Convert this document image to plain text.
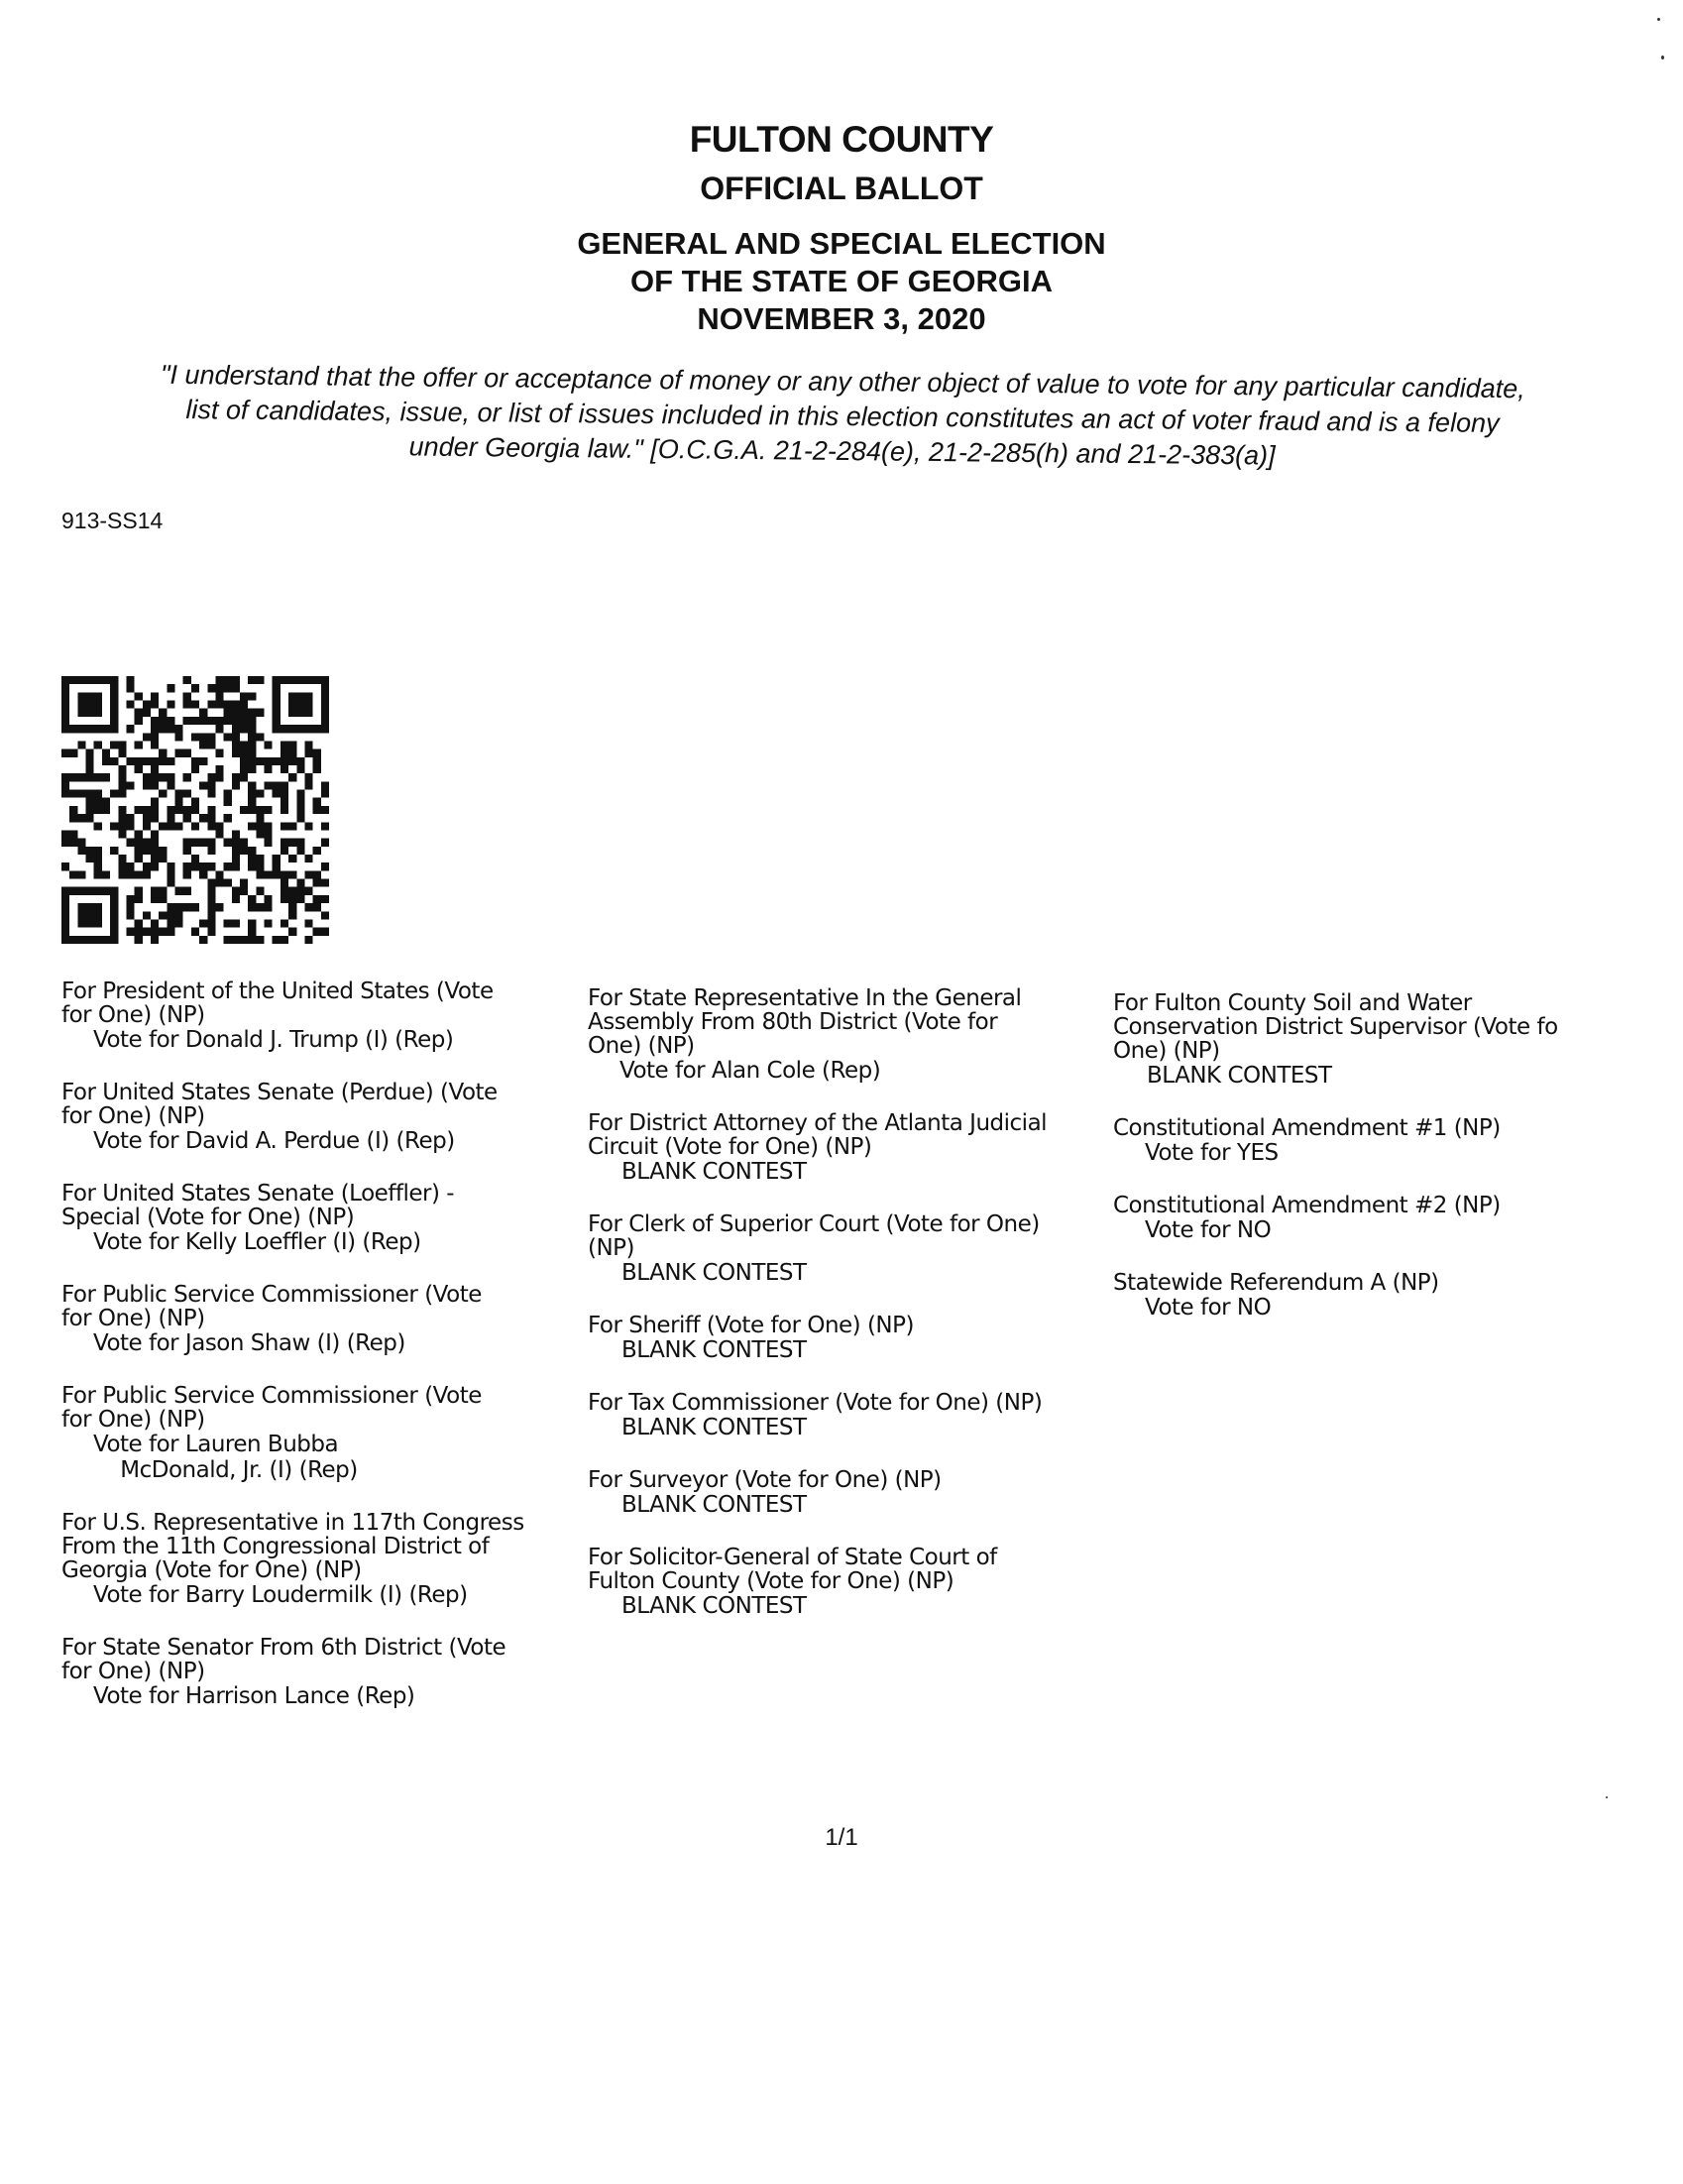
FULTON COUNTY
OFFICIAL BALLOT
GENERAL AND SPECIAL ELECTION
OF THE STATE OF GEORGIA
NOVEMBER 3, 2020
"I understand that the offer or acceptance of money or any other object of value to vote for any particular candidate,
list of candidates, issue, or list of issues included in this election constitutes an act of voter fraud and is a felony
under Georgia law." [O.C.G.A. 21-2-284(e), 21-2-285(h) and 21-2-383(a)]
913-SS14
For President of the United States (Vote
for One) (NP)
Vote for Donald J. Trump (I) (Rep)
For United States Senate (Perdue) (Vote
for One) (NP)
Vote for David A. Perdue (I) (Rep)
For United States Senate (Loeffler) -
Special (Vote for One) (NP)
Vote for Kelly Loeffler (I) (Rep)
For Public Service Commissioner (Vote
for One) (NP)
Vote for Jason Shaw (I) (Rep)
For Public Service Commissioner (Vote
for One) (NP)
Vote for Lauren Bubba
McDonald, Jr. (I) (Rep)
For U.S. Representative in 117th Congress
From the 11th Congressional District of
Georgia (Vote for One) (NP)
Vote for Barry Loudermilk (I) (Rep)
For State Senator From 6th District (Vote
for One) (NP)
Vote for Harrison Lance (Rep)
For State Representative In the General
Assembly From 80th District (Vote for
One) (NP)
Vote for Alan Cole (Rep)
For District Attorney of the Atlanta Judicial
Circuit (Vote for One) (NP)
BLANK CONTEST
For Clerk of Superior Court (Vote for One)
(NP)
BLANK CONTEST
For Sheriff (Vote for One) (NP)
BLANK CONTEST
For Tax Commissioner (Vote for One) (NP)
BLANK CONTEST
For Surveyor (Vote for One) (NP)
BLANK CONTEST
For Solicitor-General of State Court of
Fulton County (Vote for One) (NP)
BLANK CONTEST
For Fulton County Soil and Water
Conservation District Supervisor (Vote fo
One) (NP)
BLANK CONTEST
Constitutional Amendment #1 (NP)
Vote for YES
Constitutional Amendment #2 (NP)
Vote for NO
Statewide Referendum A (NP)
Vote for NO
1/1
